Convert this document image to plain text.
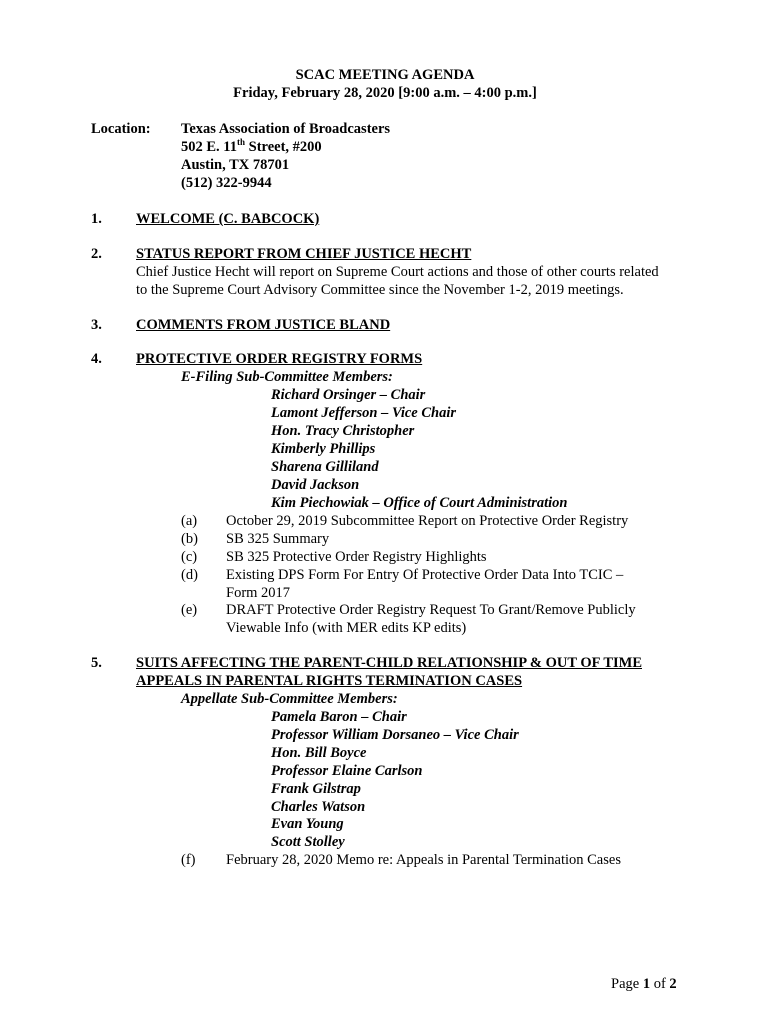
SCAC MEETING AGENDA
Friday, February 28, 2020 [9:00 a.m. – 4:00 p.m.]
Location: Texas Association of Broadcasters
502 E. 11th Street, #200
Austin, TX 78701
(512) 322-9944
1. WELCOME (C. BABCOCK)
2. STATUS REPORT FROM CHIEF JUSTICE HECHT
Chief Justice Hecht will report on Supreme Court actions and those of other courts related
to the Supreme Court Advisory Committee since the November 1-2, 2019 meetings.
3. COMMENTS FROM JUSTICE BLAND
4. PROTECTIVE ORDER REGISTRY FORMS
E-Filing Sub-Committee Members:
Richard Orsinger – Chair
Lamont Jefferson – Vice Chair
Hon. Tracy Christopher
Kimberly Phillips
Sharena Gilliland
David Jackson
Kim Piechowiak – Office of Court Administration
(a) October 29, 2019 Subcommittee Report on Protective Order Registry
(b) SB 325 Summary
(c) SB 325 Protective Order Registry Highlights
(d) Existing DPS Form For Entry Of Protective Order Data Into TCIC –
Form 2017
(e) DRAFT Protective Order Registry Request To Grant/Remove Publicly
Viewable Info (with MER edits KP edits)
5. SUITS AFFECTING THE PARENT-CHILD RELATIONSHIP & OUT OF TIME
APPEALS IN PARENTAL RIGHTS TERMINATION CASES
Appellate Sub-Committee Members:
Pamela Baron – Chair
Professor William Dorsaneo – Vice Chair
Hon. Bill Boyce
Professor Elaine Carlson
Frank Gilstrap
Charles Watson
Evan Young
Scott Stolley
(f) February 28, 2020 Memo re: Appeals in Parental Termination Cases
Page 1 of 2
